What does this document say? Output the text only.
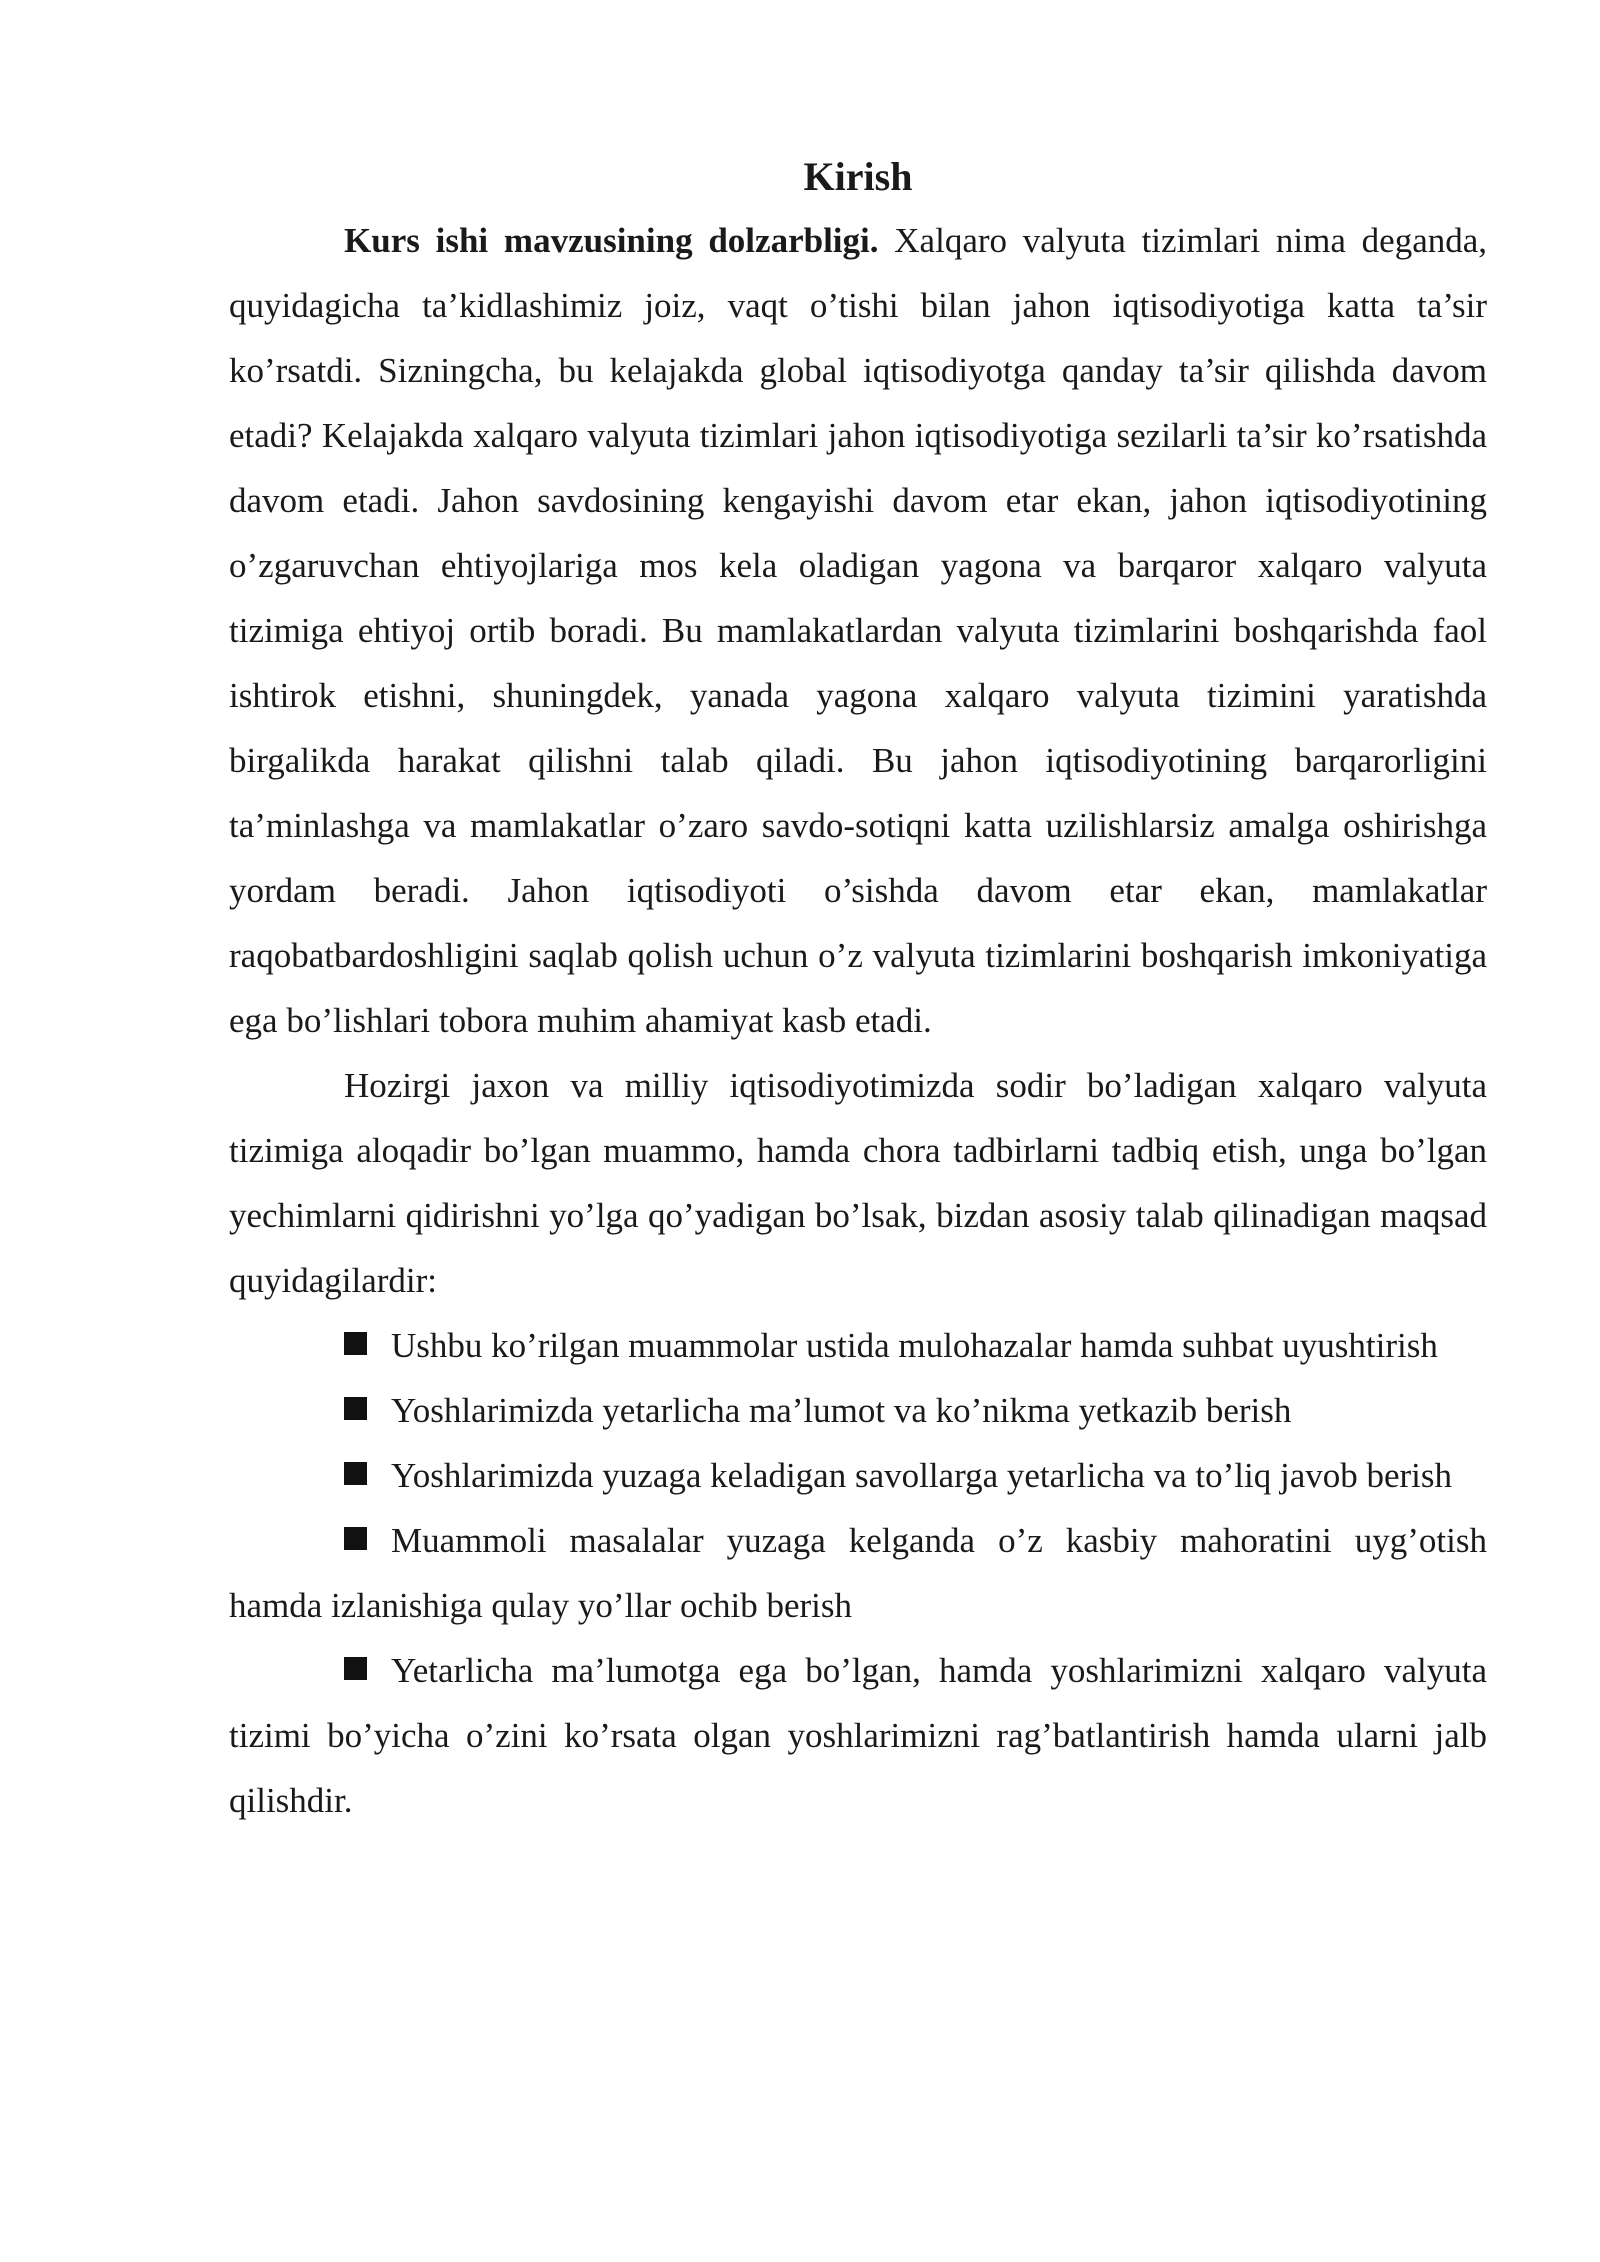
Kirish

Kurs ishi mavzusining dolzarbligi. Xalqaro valyuta tizimlari nima deganda, quyidagicha ta’kidlashimiz joiz, vaqt o’tishi bilan jahon iqtisodiyotiga katta ta’sir ko’rsatdi. Sizningcha, bu kelajakda global iqtisodiyotga qanday ta’sir qilishda davom etadi? Kelajakda xalqaro valyuta tizimlari jahon iqtisodiyotiga sezilarli ta’sir ko’rsatishda davom etadi. Jahon savdosining kengayishi davom etar ekan, jahon iqtisodiyotining o’zgaruvchan ehtiyojlariga mos kela oladigan yagona va barqaror xalqaro valyuta tizimiga ehtiyoj ortib boradi. Bu mamlakatlardan valyuta tizimlarini boshqarishda faol ishtirok etishni, shuningdek, yanada yagona xalqaro valyuta tizimini yaratishda birgalikda harakat qilishni talab qiladi. Bu jahon iqtisodiyotining barqarorligini ta’minlashga va mamlakatlar o’zaro savdo-sotiqni katta uzilishlarsiz amalga oshirishga yordam beradi. Jahon iqtisodiyoti o’sishda davom etar ekan, mamlakatlar raqobatbardoshligini saqlab qolish uchun o’z valyuta tizimlarini boshqarish imkoniyatiga ega bo’lishlari tobora muhim ahamiyat kasb etadi.

Hozirgi jaxon va milliy iqtisodiyotimizda sodir bo’ladigan xalqaro valyuta tizimiga aloqadir bo’lgan muammo, hamda chora tadbirlarni tadbiq etish, unga bo’lgan yechimlarni qidirishni yo’lga qo’yadigan bo’lsak, bizdan asosiy talab qilinadigan maqsad quyidagilardir:

Ushbu ko’rilgan muammolar ustida mulohazalar hamda suhbat uyushtirish

Yoshlarimizda yetarlicha ma’lumot va ko’nikma yetkazib berish

Yoshlarimizda yuzaga keladigan savollarga yetarlicha va to’liq javob berish

Muammoli masalalar yuzaga kelganda o’z kasbiy mahoratini uyg’otish hamda izlanishiga qulay yo’llar ochib berish

Yetarlicha ma’lumotga ega bo’lgan, hamda yoshlarimizni xalqaro valyuta tizimi bo’yicha o’zini ko’rsata olgan yoshlarimizni rag’batlantirish hamda ularni jalb qilishdir.
